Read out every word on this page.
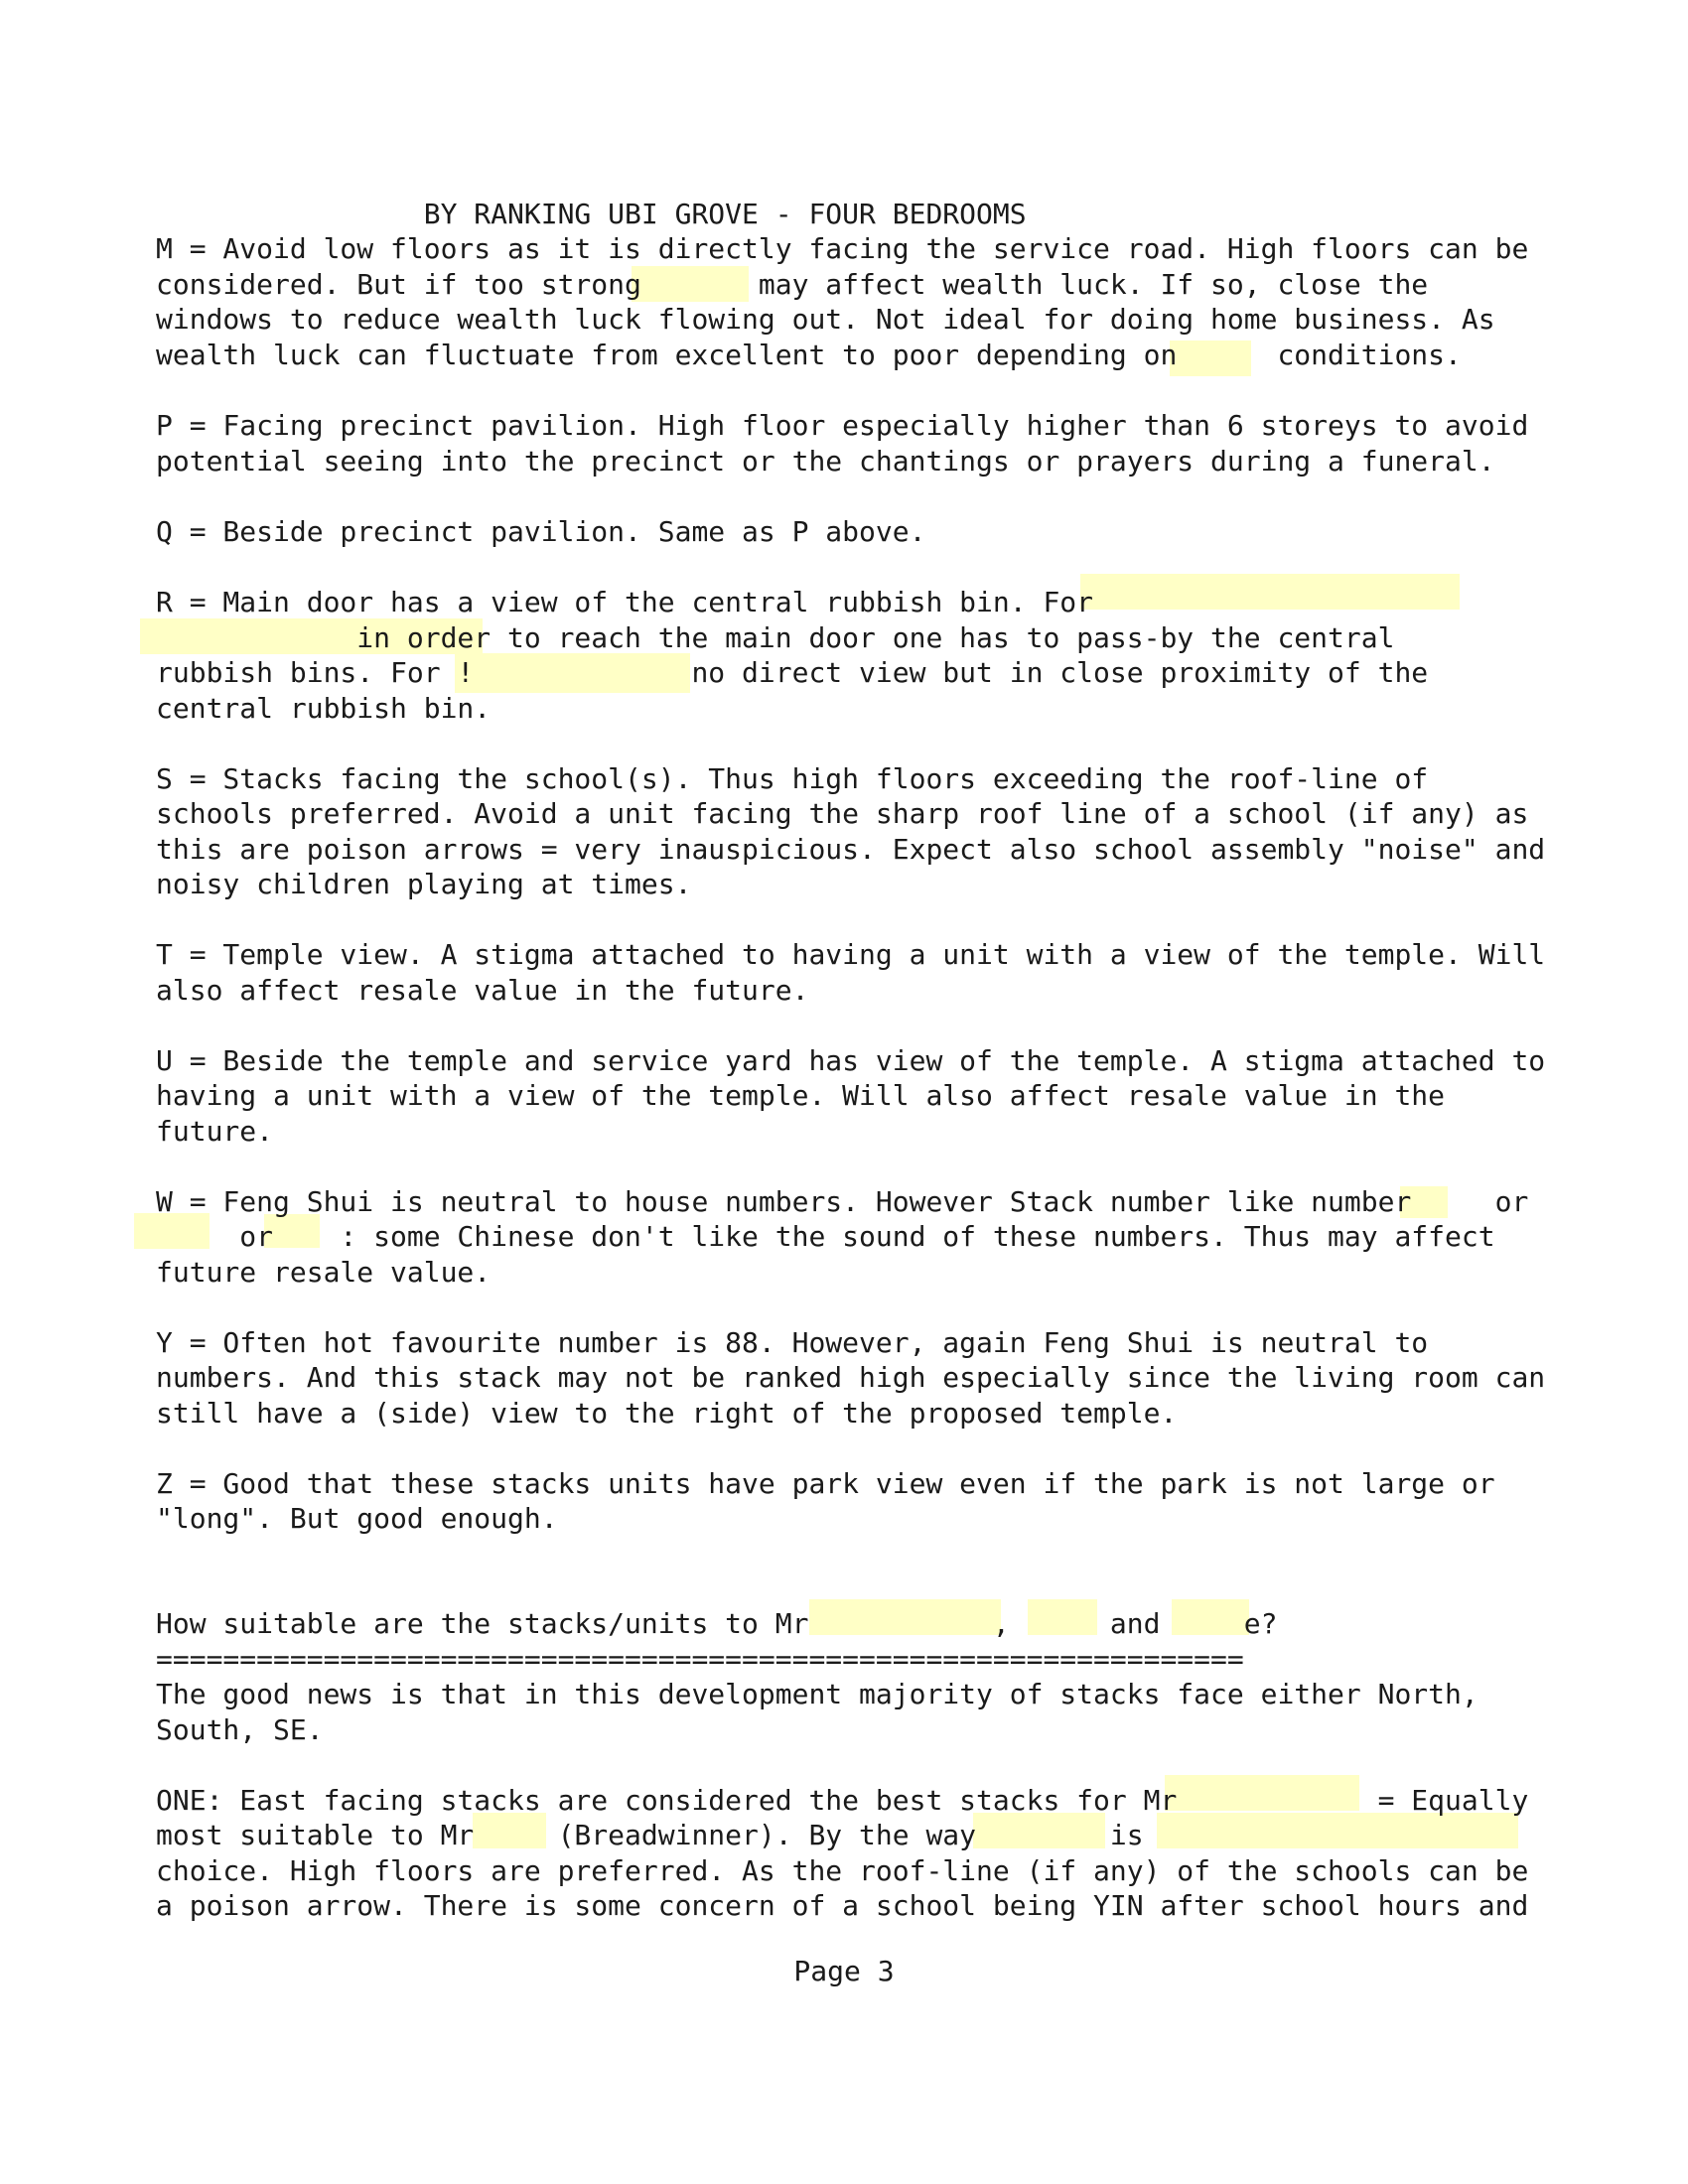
BY RANKING UBI GROVE - FOUR BEDROOMS

M = Avoid low floors as it is directly facing the service road. High floors can be

considered. But if too strong       may affect wealth luck. If so, close the

windows to reduce wealth luck flowing out. Not ideal for doing home business. As

wealth luck can fluctuate from excellent to poor depending on      conditions.

P = Facing precinct pavilion. High floor especially higher than 6 storeys to avoid

potential seeing into the precinct or the chantings or prayers during a funeral.

Q = Beside precinct pavilion. Same as P above.

R = Main door has a view of the central rubbish bin. For

in order to reach the main door one has to pass-by the central

rubbish bins. For !             no direct view but in close proximity of the

central rubbish bin.

S = Stacks facing the school(s). Thus high floors exceeding the roof-line of

schools preferred. Avoid a unit facing the sharp roof line of a school (if any) as

this are poison arrows = very inauspicious. Expect also school assembly "noise" and

noisy children playing at times.

T = Temple view. A stigma attached to having a unit with a view of the temple. Will

also affect resale value in the future.

U = Beside the temple and service yard has view of the temple. A stigma attached to

having a unit with a view of the temple. Will also affect resale value in the

future.

W = Feng Shui is neutral to house numbers. However Stack number like number     or

or    : some Chinese don't like the sound of these numbers. Thus may affect

future resale value.

Y = Often hot favourite number is 88. However, again Feng Shui is neutral to

numbers. And this stack may not be ranked high especially since the living room can

still have a (side) view to the right of the proposed temple.

Z = Good that these stacks units have park view even if the park is not large or

"long". But good enough.

How suitable are the stacks/units to Mr           ,      and     e?

=================================================================

The good news is that in this development majority of stacks face either North,

South, SE.

ONE: East facing stacks are considered the best stacks for Mr            = Equally

most suitable to Mr     (Breadwinner). By the way        is

choice. High floors are preferred. As the roof-line (if any) of the schools can be

a poison arrow. There is some concern of a school being YIN after school hours and

Page 3
